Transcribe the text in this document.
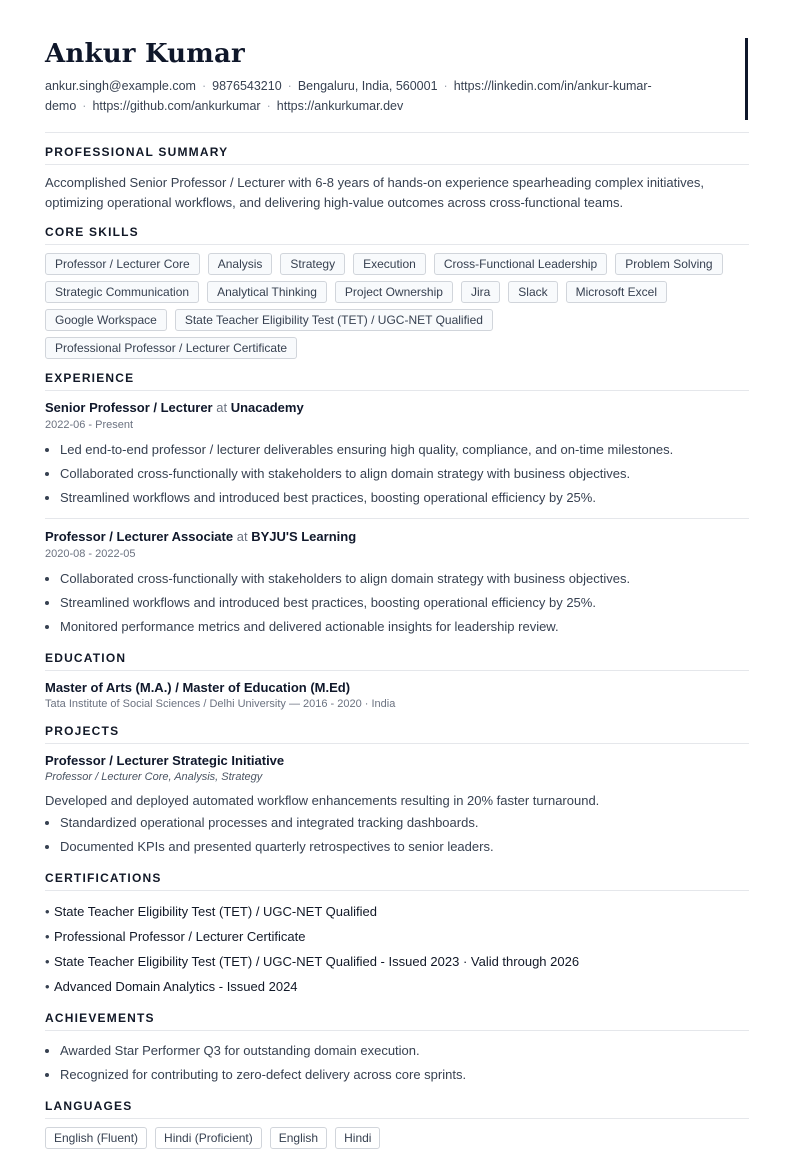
Ankur Kumar
ankur.singh@example.com · 9876543210 · Bengaluru, India, 560001 · https://linkedin.com/in/ankur-kumar-demo · https://github.com/ankurkumar · https://ankurkumar.dev
PROFESSIONAL SUMMARY

Accomplished Senior Professor / Lecturer with 6-8 years of hands-on experience spearheading complex initiatives, optimizing operational workflows, and delivering high-value outcomes across cross-functional teams.

CORE SKILLS
Professor / Lecturer Core	Analysis	Strategy	Execution	Cross-Functional Leadership	Problem Solving
Strategic Communication	Analytical Thinking	Project Ownership	Jira	Slack	Microsoft Excel
Google Workspace	State Teacher Eligibility Test (TET) / UGC-NET Qualified
Professional Professor / Lecturer Certificate
EXPERIENCE
Senior Professor / Lecturer at Unacademy
2022-06 - Present
• Led end-to-end professor / lecturer deliverables ensuring high quality, compliance, and on-time milestones.
• Collaborated cross-functionally with stakeholders to align domain strategy with business objectives.
• Streamlined workflows and introduced best practices, boosting operational efficiency by 25%.
Professor / Lecturer Associate at BYJU'S Learning
2020-08 - 2022-05
• Collaborated cross-functionally with stakeholders to align domain strategy with business objectives.
• Streamlined workflows and introduced best practices, boosting operational efficiency by 25%.
• Monitored performance metrics and delivered actionable insights for leadership review.
EDUCATION
Master of Arts (M.A.) / Master of Education (M.Ed)
Tata Institute of Social Sciences / Delhi University — 2016 - 2020 · India
PROJECTS
Professor / Lecturer Strategic Initiative
Professor / Lecturer Core, Analysis, Strategy
Developed and deployed automated workflow enhancements resulting in 20% faster turnaround.
• Standardized operational processes and integrated tracking dashboards.
• Documented KPIs and presented quarterly retrospectives to senior leaders.
CERTIFICATIONS
• State Teacher Eligibility Test (TET) / UGC-NET Qualified
• Professional Professor / Lecturer Certificate
• State Teacher Eligibility Test (TET) / UGC-NET Qualified - Issued 2023 · Valid through 2026
• Advanced Domain Analytics - Issued 2024
ACHIEVEMENTS
• Awarded Star Performer Q3 for outstanding domain execution.
• Recognized for contributing to zero-defect delivery across core sprints.
LANGUAGES
English (Fluent)	Hindi (Proficient)	English	Hindi
